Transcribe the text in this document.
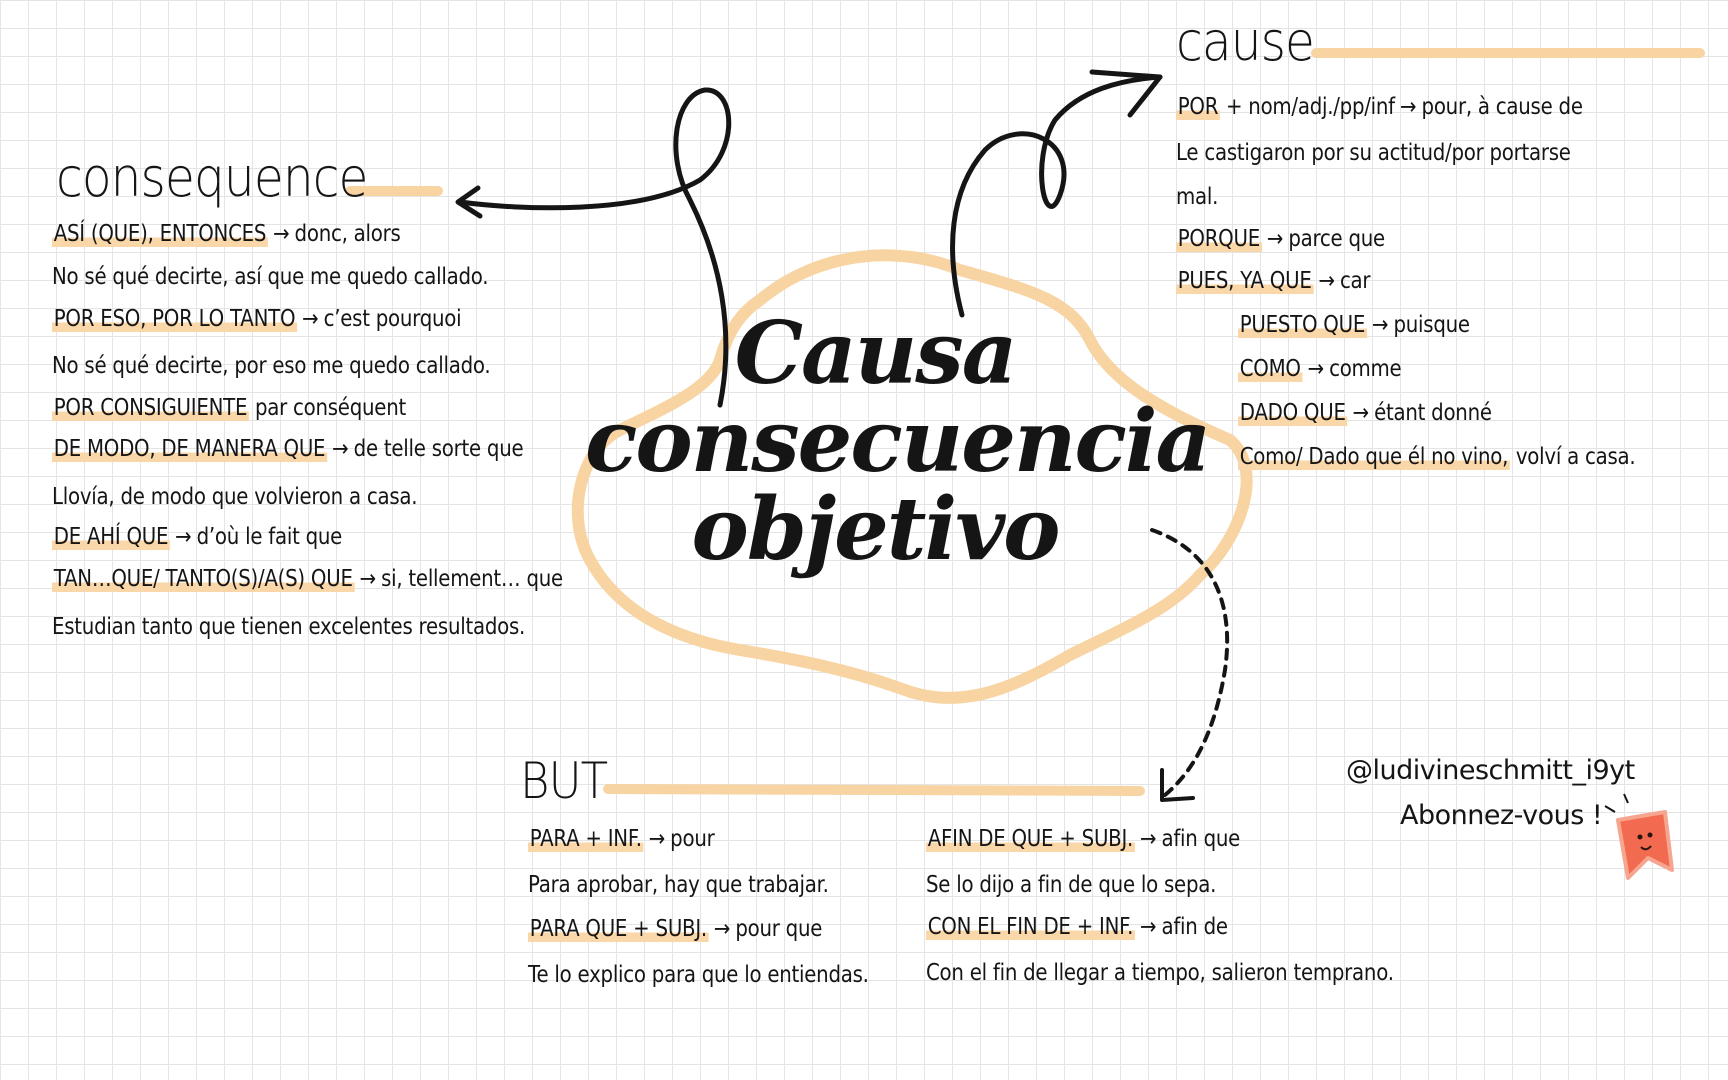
Causa
consecuencia
objetivo
consequence
ASÍ (QUE), ENTONCES → donc, alors
No sé qué decirte, así que me quedo callado.
POR ESO, POR LO TANTO → c’est pourquoi
No sé qué decirte, por eso me quedo callado.
POR CONSIGUIENTE par conséquent
DE MODO, DE MANERA QUE → de telle sorte que
Llovía, de modo que volvieron a casa.
DE AHÍ QUE → d’où le fait que
TAN…QUE/ TANTO(S)/A(S) QUE → si, tellement… que
Estudian tanto que tienen excelentes resultados.
cause
POR + nom/adj./pp/inf → pour, à cause de
Le castigaron por su actitud/por portarse
mal.
PORQUE → parce que
PUES, YA QUE → car
PUESTO QUE → puisque
COMO → comme
DADO QUE → étant donné
Como/ Dado que él no vino, volví a casa.
BUT
PARA + INF. → pour
Para aprobar, hay que trabajar.
PARA QUE + SUBJ. → pour que
Te lo explico para que lo entiendas.
AFIN DE QUE + SUBJ. → afin que
Se lo dijo a fin de que lo sepa.
CON EL FIN DE + INF. → afin de
Con el fin de llegar a tiempo, salieron temprano.
@ludivineschmitt_i9yt
Abonnez-vous !
